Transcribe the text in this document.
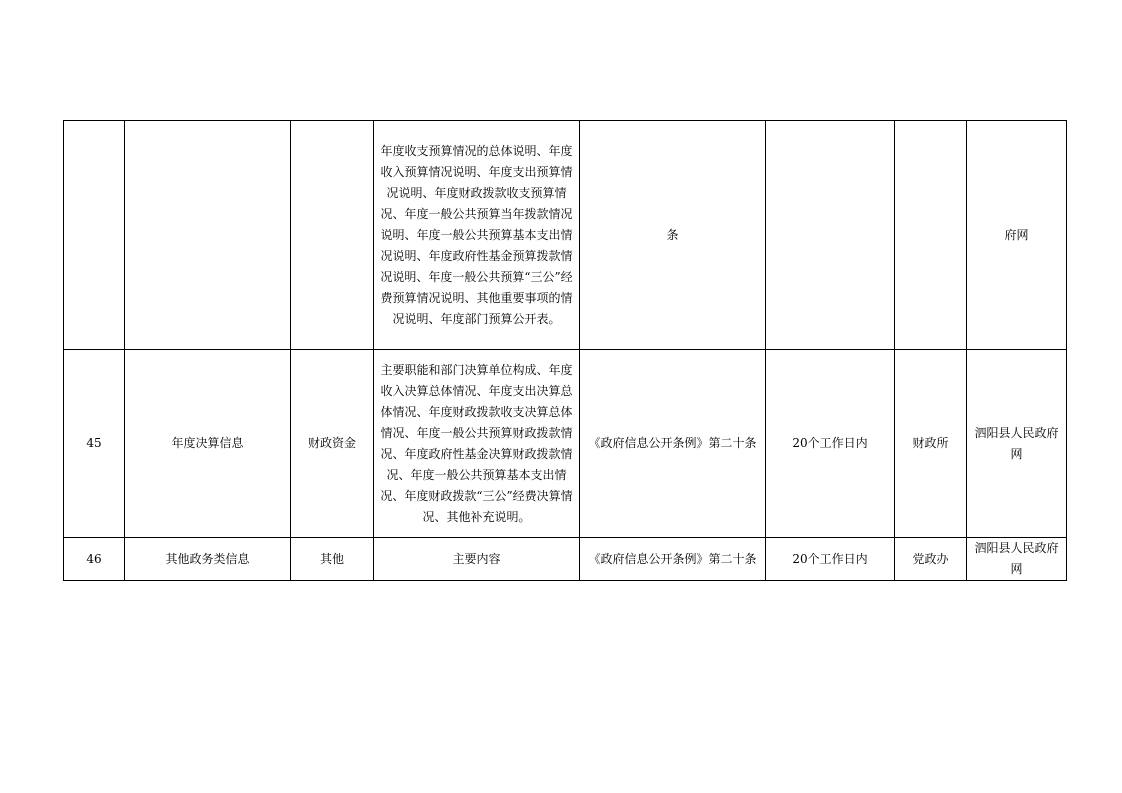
			年度收支预算情况的总体说明、年度收入预算情况说明、年度支出预算情况说明、年度财政拨款收支预算情况、年度一般公共预算当年拨款情况说明、年度一般公共预算基本支出情况说明、年度政府性基金预算拨款情况说明、年度一般公共预算“三公”经费预算情况说明、其他重要事项的情况说明、年度部门预算公开表。	条			府网

45	年度决算信息	财政资金	主要职能和部门决算单位构成、年度收入决算总体情况、年度支出决算总体情况、年度财政拨款收支决算总体情况、年度一般公共预算财政拨款情况、年度政府性基金决算财政拨款情况、年度一般公共预算基本支出情况、年度财政拨款“三公”经费决算情况、其他补充说明。	《政府信息公开条例》第二十条	20个工作日内	财政所	泗阳县人民政府网
46	其他政务类信息	其他	主要内容	《政府信息公开条例》第二十条	20个工作日内	党政办	泗阳县人民政府网
